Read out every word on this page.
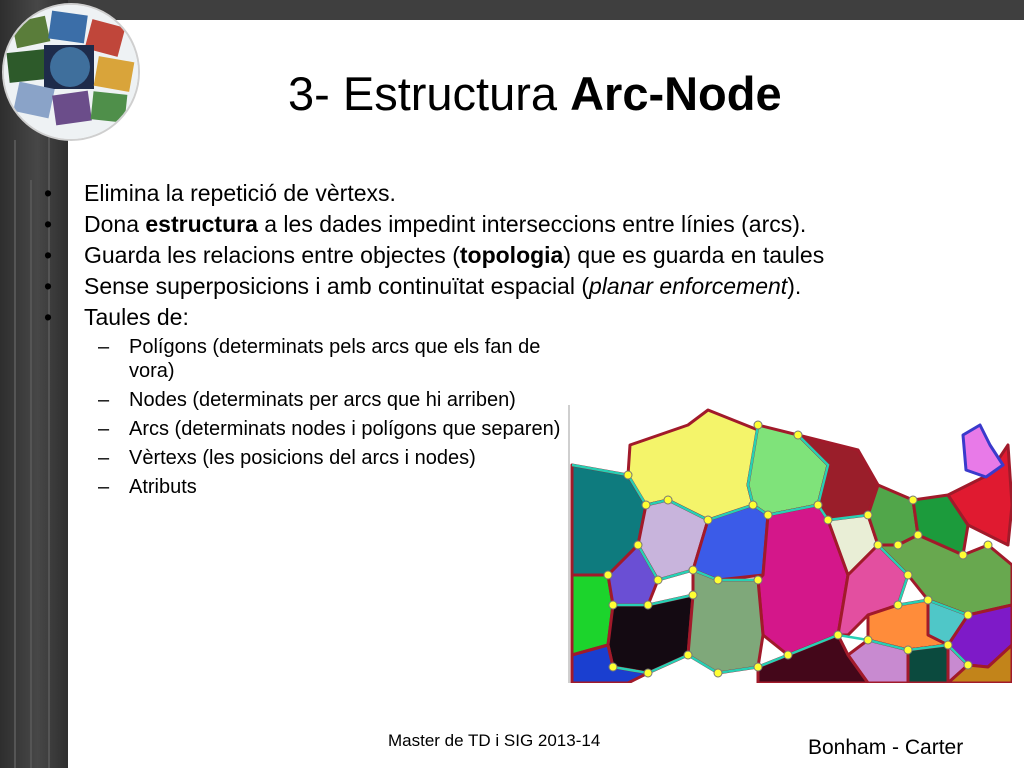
3- Estructura Arc-Node
• Elimina la repetició de vèrtexs.
• Dona estructura a les dades impedint interseccions entre línies (arcs).
• Guarda les relacions entre objectes (topologia) que es guarda en taules
• Sense superposicions i amb continuïtat espacial (planar enforcement).
• Taules de:
– Polígons (determinats pels arcs que els fan de vora)
– Nodes (determinats per arcs que hi arriben)
– Arcs (determinats nodes i polígons que separen)
– Vèrtexs (les posicions del arcs i nodes)
– Atributs
Master de TD i SIG 2013-14	Bonham - Carter
